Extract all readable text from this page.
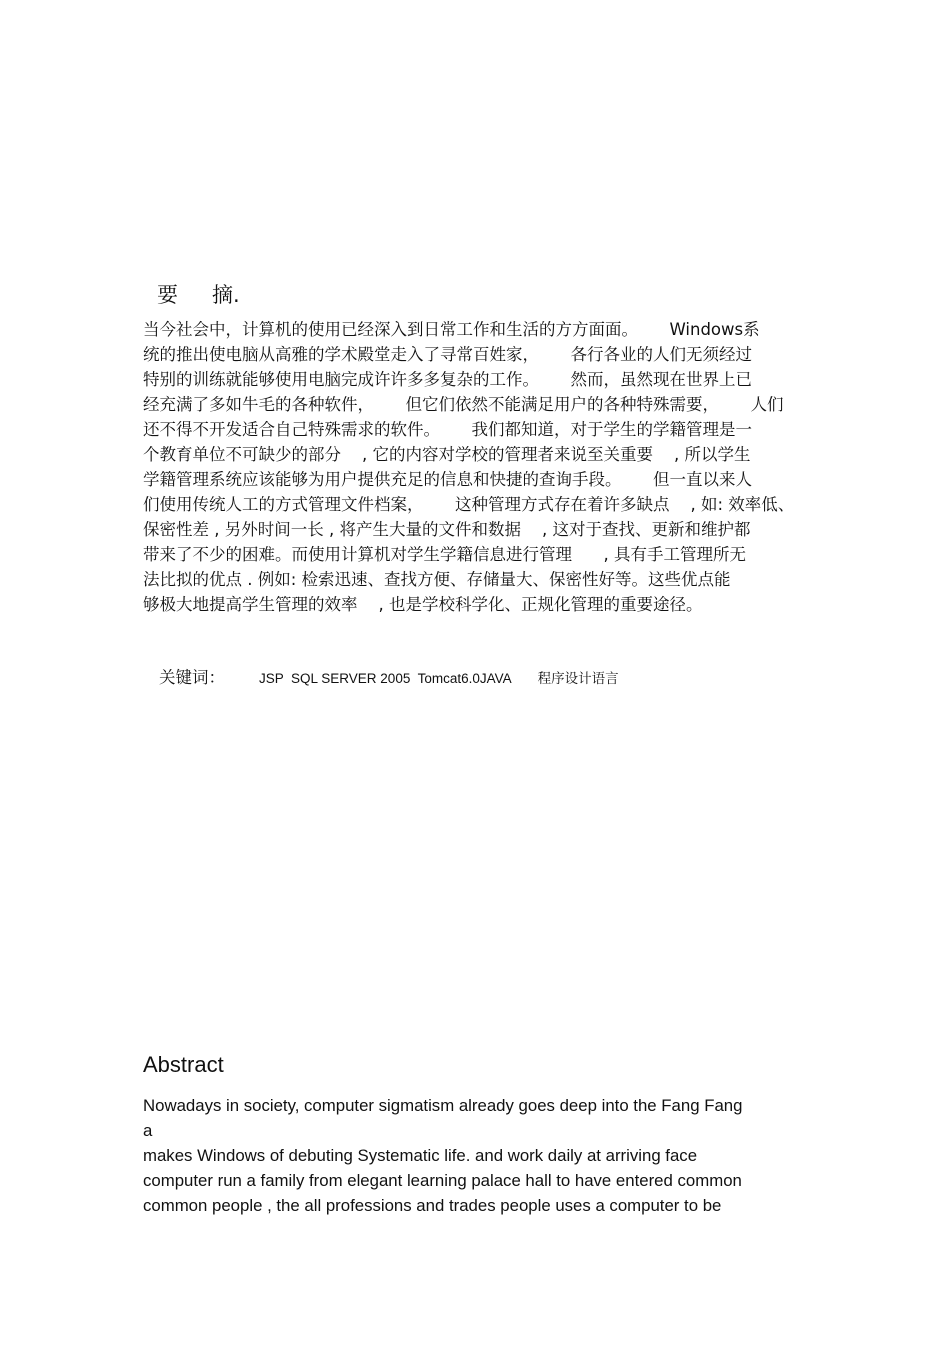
要 摘.
当今社会中，计算机的使用已经深入到日常工作和生活的方方面面。      Windows系
统的推出使电脑从高雅的学术殿堂走入了寻常百姓家，      各行各业的人们无须经过
特别的训练就能够使用电脑完成许许多多复杂的工作。      然而，虽然现在世界上已
经充满了多如牛毛的各种软件，      但它们依然不能满足用户的各种特殊需要，      人们
还不得不开发适合自己特殊需求的软件。      我们都知道，对于学生的学籍管理是一
个教育单位不可缺少的部分    , 它的内容对学校的管理者来说至关重要    , 所以学生
学籍管理系统应该能够为用户提供充足的信息和快捷的查询手段。      但一直以来人
们使用传统人工的方式管理文件档案，      这种管理方式存在着许多缺点    , 如: 效率低、
保密性差 , 另外时间一长 , 将产生大量的文件和数据    , 这对于查找、更新和维护都
带来了不少的困难。而使用计算机对学生学籍信息进行管理      , 具有手工管理所无
法比拟的优点 . 例如: 检索迅速、查找方便、存储量大、保密性好等。这些优点能
够极大地提高学生管理的效率    , 也是学校科学化、正规化管理的重要途径。

关键词：	JSP  SQL SERVER 2005  Tomcat6.0JAVA 程序设计语言

Abstract
Nowadays in society, computer sigmatism already goes deep into the Fang Fang
a
makes Windows of debuting Systematic life. and work daily at arriving face
computer run a family from elegant learning palace hall to have entered common
common people , the all professions and trades people uses a computer to be
